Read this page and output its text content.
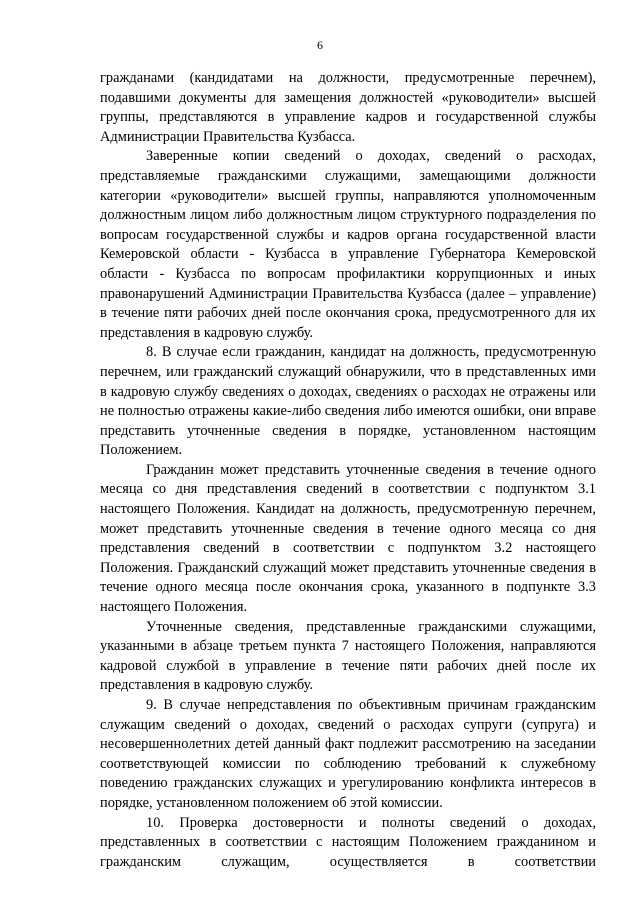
6

гражданами (кандидатами на должности, предусмотренные перечнем), подавшими документы для замещения должностей «руководители» высшей группы, представляются в управление кадров и государственной службы Администрации Правительства Кузбасса.

Заверенные копии сведений о доходах, сведений о расходах, представляемые гражданскими служащими, замещающими должности категории «руководители» высшей группы, направляются уполномоченным должностным лицом либо должностным лицом структурного подразделения по вопросам государственной службы и кадров органа государственной власти Кемеровской области - Кузбасса в управление Губернатора Кемеровской области - Кузбасса по вопросам профилактики коррупционных и иных правонарушений Администрации Правительства Кузбасса (далее – управление) в течение пяти рабочих дней после окончания срока, предусмотренного для их представления в кадровую службу.

8. В случае если гражданин, кандидат на должность, предусмотренную перечнем, или гражданский служащий обнаружили, что в представленных ими в кадровую службу сведениях о доходах, сведениях о расходах не отражены или не полностью отражены какие-либо сведения либо имеются ошибки, они вправе представить уточненные сведения в порядке, установленном настоящим Положением.

Гражданин может представить уточненные сведения в течение одного месяца со дня представления сведений в соответствии с подпунктом 3.1 настоящего Положения. Кандидат на должность, предусмотренную перечнем, может представить уточненные сведения в течение одного месяца со дня представления сведений в соответствии с подпунктом 3.2 настоящего Положения. Гражданский служащий может представить уточненные сведения в течение одного месяца после окончания срока, указанного в подпункте 3.3 настоящего Положения.

Уточненные сведения, представленные гражданскими служащими, указанными в абзаце третьем пункта 7 настоящего Положения, направляются кадровой службой в управление в течение пяти рабочих дней после их представления в кадровую службу.

9. В случае непредставления по объективным причинам гражданским служащим сведений о доходах, сведений о расходах супруги (супруга) и несовершеннолетних детей данный факт подлежит рассмотрению на заседании соответствующей комиссии по соблюдению требований к служебному поведению гражданских служащих и урегулированию конфликта интересов в порядке, установленном положением об этой комиссии.

10. Проверка достоверности и полноты сведений о доходах, представленных в соответствии с настоящим Положением гражданином и гражданским служащим, осуществляется в соответствии
